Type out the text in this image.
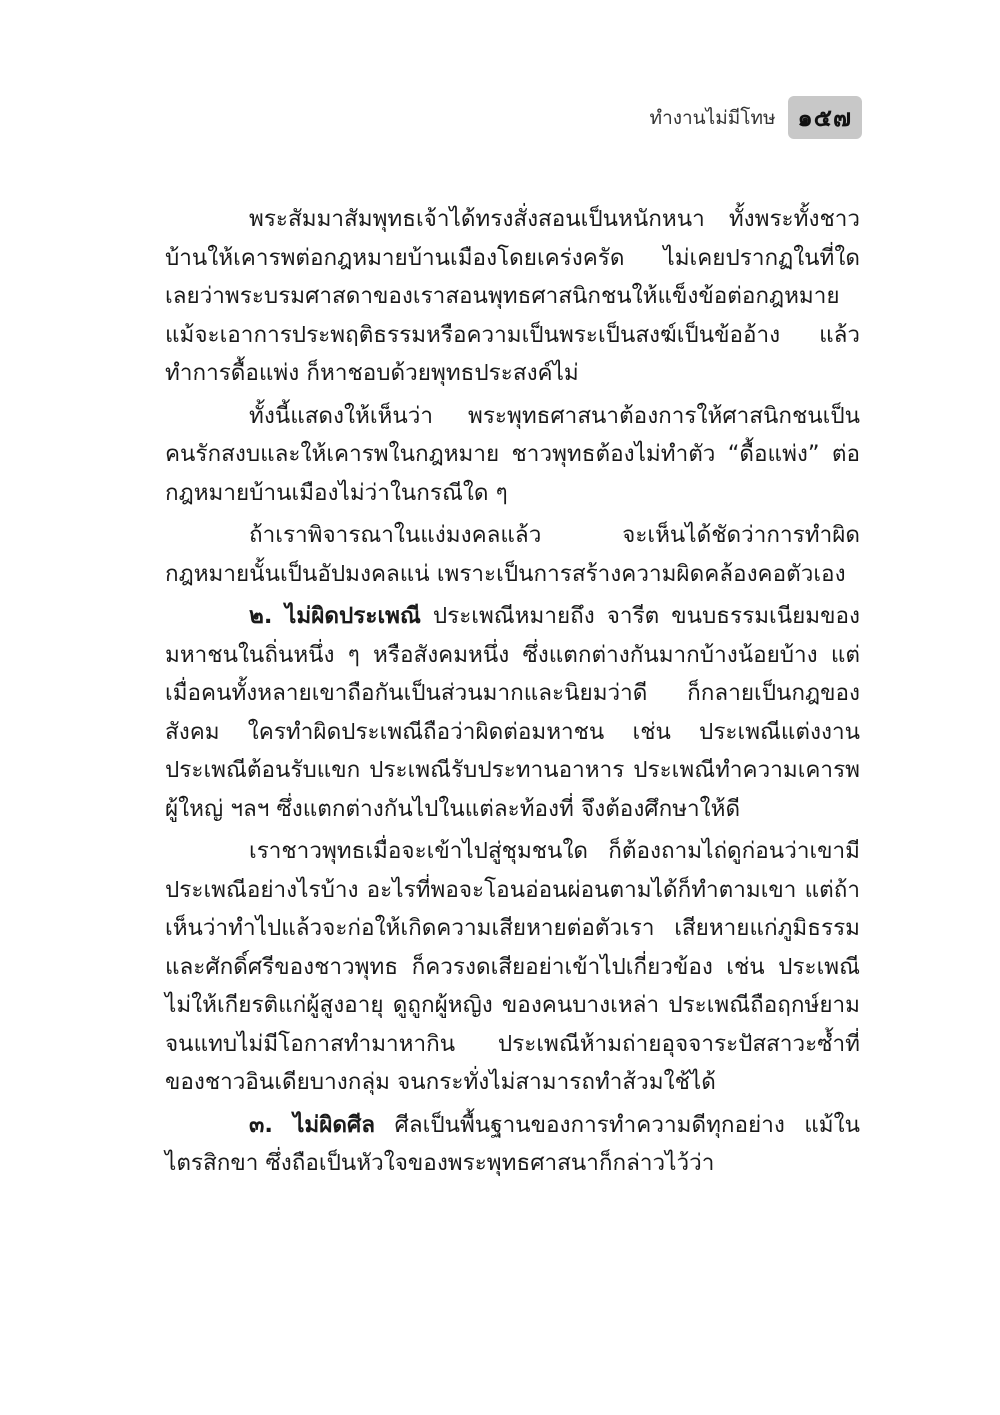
ทำงานไม่มีโทษ ๑๕๗

พระสัมมาสัมพุทธเจ้าได้ทรงสั่งสอนเป็นหนักหนา ทั้งพระทั้งชาวบ้านให้เคารพต่อกฎหมายบ้านเมืองโดยเคร่งครัด ไม่เคยปรากฏในที่ใดเลยว่าพระบรมศาสดาของเราสอนพุทธศาสนิกชนให้แข็งข้อต่อกฎหมาย แม้จะเอาการประพฤติธรรมหรือความเป็นพระเป็นสงฆ์เป็นข้ออ้าง แล้วทำการดื้อแพ่ง ก็หาชอบด้วยพุทธประสงค์ไม่

ทั้งนี้แสดงให้เห็นว่า พระพุทธศาสนาต้องการให้ศาสนิกชนเป็นคนรักสงบและให้เคารพในกฎหมาย ชาวพุทธต้องไม่ทำตัว “ดื้อแพ่ง” ต่อกฎหมายบ้านเมืองไม่ว่าในกรณีใด ๆ

ถ้าเราพิจารณาในแง่มงคลแล้ว จะเห็นได้ชัดว่าการทำผิดกฎหมายนั้นเป็นอัปมงคลแน่ เพราะเป็นการสร้างความผิดคล้องคอตัวเอง

๒. ไม่ผิดประเพณี ประเพณีหมายถึง จารีต ขนบธรรมเนียมของมหาชนในถิ่นหนึ่ง ๆ หรือสังคมหนึ่ง ซึ่งแตกต่างกันมากบ้างน้อยบ้าง แต่เมื่อคนทั้งหลายเขาถือกันเป็นส่วนมากและนิยมว่าดี ก็กลายเป็นกฎของสังคม ใครทำผิดประเพณีถือว่าผิดต่อมหาชน เช่น ประเพณีแต่งงาน ประเพณีต้อนรับแขก ประเพณีรับประทานอาหาร ประเพณีทำความเคารพผู้ใหญ่ ฯลฯ ซึ่งแตกต่างกันไปในแต่ละท้องที่ จึงต้องศึกษาให้ดี

เราชาวพุทธเมื่อจะเข้าไปสู่ชุมชนใด ก็ต้องถามไถ่ดูก่อนว่าเขามีประเพณีอย่างไรบ้าง อะไรที่พอจะโอนอ่อนผ่อนตามได้ก็ทำตามเขา แต่ถ้าเห็นว่าทำไปแล้วจะก่อให้เกิดความเสียหายต่อตัวเรา เสียหายแก่ภูมิธรรม และศักดิ์ศรีของชาวพุทธ ก็ควรงดเสียอย่าเข้าไปเกี่ยวข้อง เช่น ประเพณีไม่ให้เกียรติแก่ผู้สูงอายุ ดูถูกผู้หญิง ของคนบางเหล่า ประเพณีถือฤกษ์ยามจนแทบไม่มีโอกาสทำมาหากิน ประเพณีห้ามถ่ายอุจจาระปัสสาวะซ้ำที่ของชาวอินเดียบางกลุ่ม จนกระทั่งไม่สามารถทำส้วมใช้ได้

๓. ไม่ผิดศีล ศีลเป็นพื้นฐานของการทำความดีทุกอย่าง แม้ในไตรสิกขา ซึ่งถือเป็นหัวใจของพระพุทธศาสนาก็กล่าวไว้ว่า
